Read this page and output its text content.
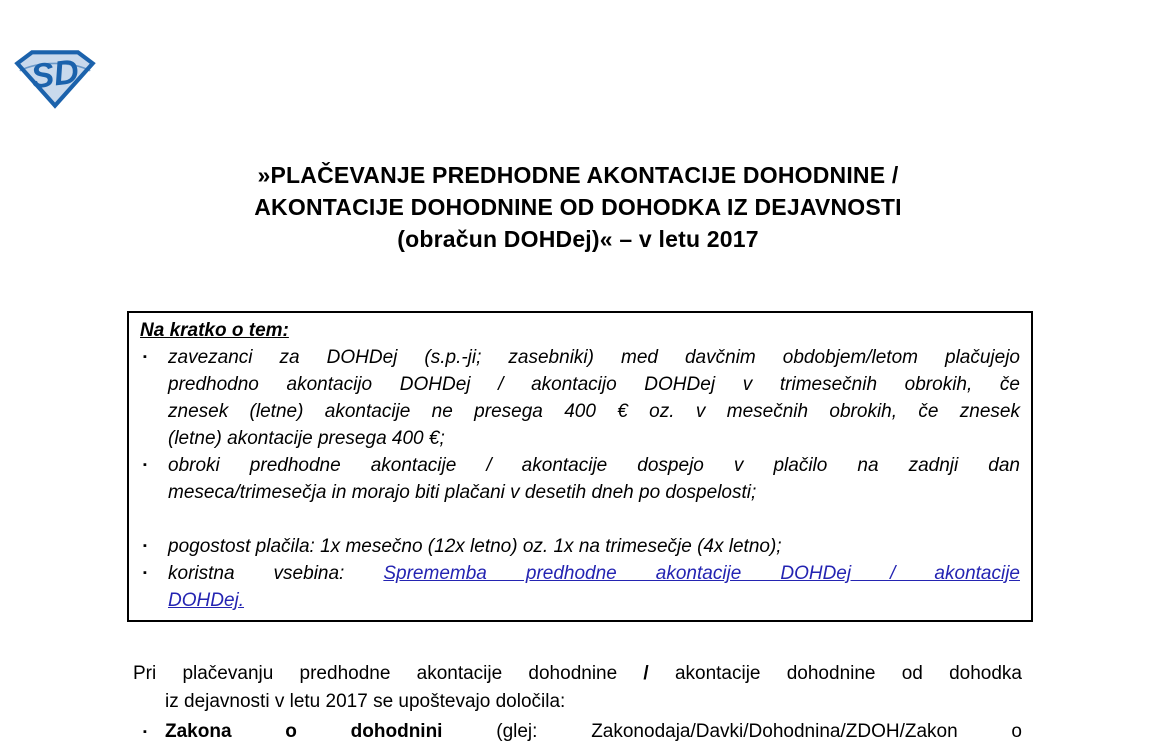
SD
»PLAČEVANJE PREDHODNE AKONTACIJE DOHODNINE /
AKONTACIJE DOHODNINE OD DOHODKA IZ DEJAVNOSTI
(obračun DOHDej)« – v letu 2017
Na kratko o tem:
▪	zavezanci za DOHDej (s.p.-ji; zasebniki) med davčnim obdobjem/letom plačujejo
predhodno akontacijo DOHDej / akontacijo DOHDej v trimesečnih obrokih, če
znesek (letne) akontacije ne presega 400 € oz. v mesečnih obrokih, če znesek
(letne) akontacije presega 400 €;
▪	obroki predhodne akontacije / akontacije dospejo v plačilo na zadnji dan
meseca/trimesečja in morajo biti plačani v desetih dneh po dospelosti;
▪	pogostost plačila: 1x mesečno (12x letno) oz. 1x na trimesečje (4x letno);
▪	koristna vsebina: Sprememba predhodne akontacije DOHDej / akontacije
DOHDej.
Pri plačevanju predhodne akontacije dohodnine / akontacije dohodnine od dohodka
iz dejavnosti v letu 2017 se upoštevajo določila:
▪ Zakona o dohodnini (glej: Zakonodaja/Davki/Dohodnina/ZDOH/Zakon o
